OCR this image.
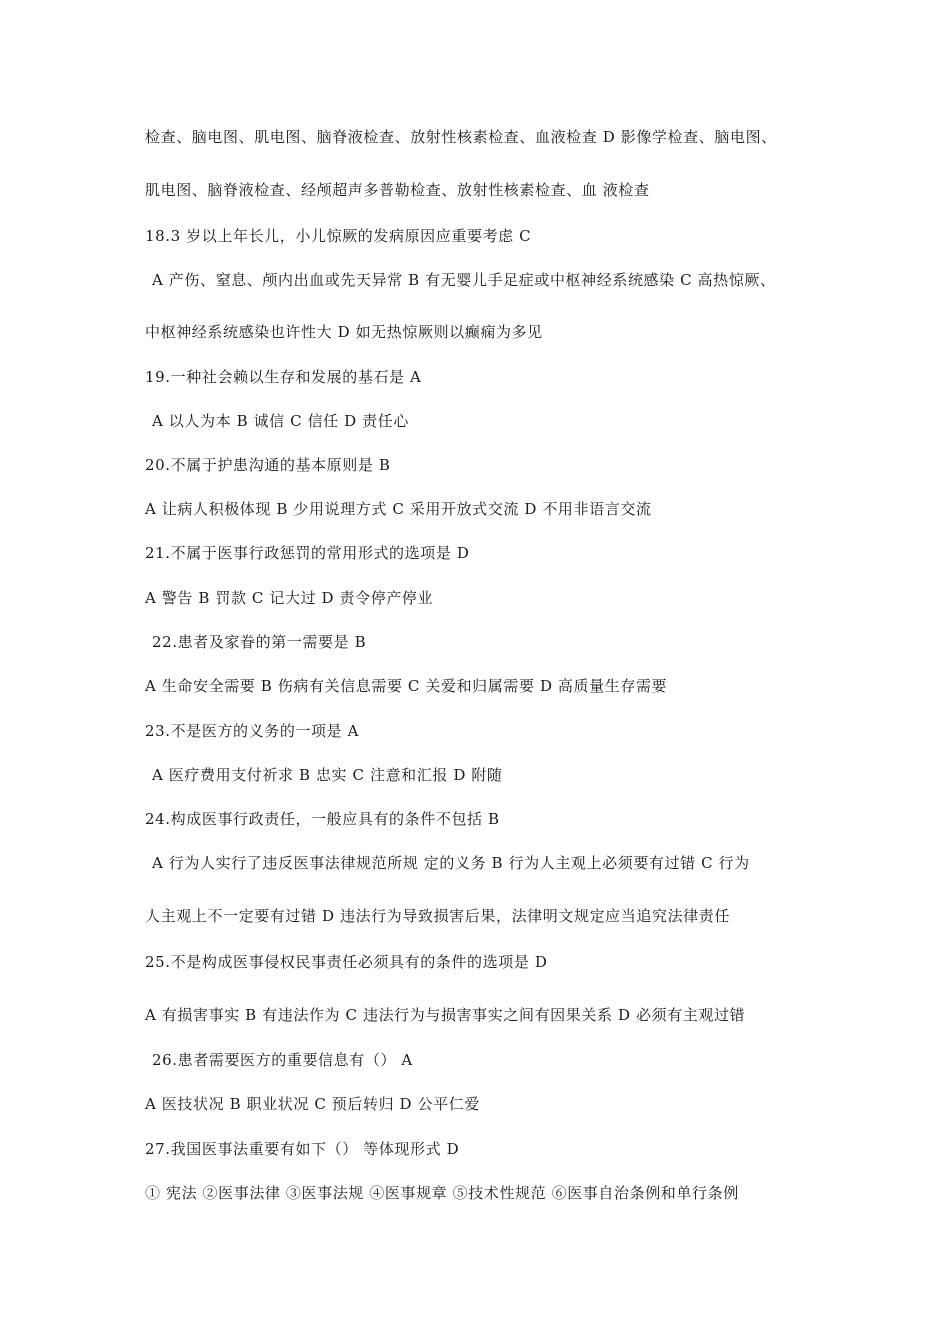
检查、脑电图、肌电图、脑脊液检查、放射性核素检查、血液检查 D 影像学检查、脑电图、
肌电图、脑脊液检查、经颅超声多普勒检查、放射性核素检查、血 液检查
18.3 岁以上年长儿，小儿惊厥的发病原因应重要考虑 C
A 产伤、窒息、颅内出血或先天异常 B 有无婴儿手足症或中枢神经系统感染 C 高热惊厥、
中枢神经系统感染也许性大 D 如无热惊厥则以癫痫为多见
19.一种社会赖以生存和发展的基石是 A
A 以人为本 B 诚信 C 信任 D 责任心
20.不属于护患沟通的基本原则是 B
A 让病人积极体现 B 少用说理方式 C 采用开放式交流 D 不用非语言交流
21.不属于医事行政惩罚的常用形式的选项是 D
A 警告 B 罚款 C 记大过 D 责令停产停业
22.患者及家眷的第一需要是 B
A 生命安全需要 B 伤病有关信息需要 C 关爱和归属需要 D 高质量生存需要
23.不是医方的义务的一项是 A
A 医疗费用支付祈求 B 忠实 C 注意和汇报 D 附随
24.构成医事行政责任，一般应具有的条件不包括 B
A 行为人实行了违反医事法律规范所规 定的义务 B 行为人主观上必须要有过错 C 行为
人主观上不一定要有过错 D 违法行为导致损害后果，法律明文规定应当追究法律责任
25.不是构成医事侵权民事责任必须具有的条件的选项是 D
A 有损害事实 B 有违法作为 C 违法行为与损害事实之间有因果关系 D 必须有主观过错
26.患者需要医方的重要信息有（） A
A 医技状况 B 职业状况 C 预后转归 D 公平仁爱
27.我国医事法重要有如下（） 等体现形式 D
① 宪法 ②医事法律 ③医事法规 ④医事规章 ⑤技术性规范 ⑥医事自治条例和单行条例
